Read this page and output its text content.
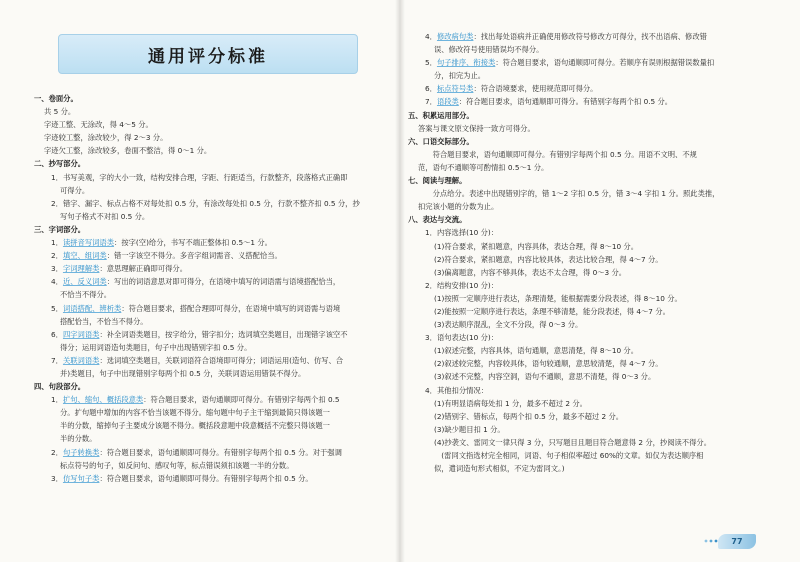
通用评分标准
一、卷面分。
共 5 分。
字迹工整、无涂改，得 4～5 分。
字迹较工整，涂改较少，得 2～3 分。
字迹欠工整，涂改较多，卷面不整洁，得 0～1 分。
二、抄写部分。
1．书写美观，字的大小一致，结构安排合理，字距、行距适当，行款整齐，段落格式正确即
可得分。
2．错字、漏字、标点占格不对每处扣 0.5 分，有涂改每处扣 0.5 分，行款不整齐扣 0.5 分，抄
写句子格式不对扣 0.5 分。
三、字词部分。
1．读拼音写词语类：按字(空)给分，书写不端正整体扣 0.5～1 分。
2．填空、组词类：错一字该空不得分。多音字组词需音、义搭配恰当。
3．字词理解类：意思理解正确即可得分。
4．近、反义词类：写出的词语意思对即可得分，在语境中填写的词语需与语境搭配恰当，
不恰当不得分。
5．词语搭配、辨析类：符合题目要求，搭配合理即可得分，在语境中填写的词语需与语境
搭配恰当，不恰当不得分。
6．四字词语类：补全词语类题目，按字给分，错字扣分；选词填空类题目，出现错字该空不
得分；运用词语造句类题目，句子中出现错别字扣 0.5 分。
7．关联词语类：选词填空类题目，关联词语符合语境即可得分；词语运用(造句、仿写、合
并)类题目，句子中出现错别字每两个扣 0.5 分，关联词语运用错误不得分。
四、句段部分。
1．扩句、缩句、概括段意类：符合题目要求，语句通顺即可得分。有错别字每两个扣 0.5
分。扩句题中增加的内容不恰当该题不得分。缩句题中句子主干缩到最简只得该题一
半的分数，缩掉句子主要成分该题不得分。概括段意题中段意概括不完整只得该题一
半的分数。
2．句子转换类：符合题目要求，语句通顺即可得分。有错别字每两个扣 0.5 分。对于强调
标点符号的句子，如反问句、感叹句等，标点错误须扣该题一半的分数。
3．仿写句子类：符合题目要求，语句通顺即可得分。有错别字每两个扣 0.5 分。
4．修改病句类：找出每处语病并正确使用修改符号修改方可得分，找不出语病、修改错
误、修改符号使用错误均不得分。
5．句子排序、衔接类：符合题目要求，语句通顺即可得分。若顺序有误则根据错误数量扣
分，扣完为止。
6．标点符号类：符合语境要求，使用规范即可得分。
7．语段类：符合题目要求，语句通顺即可得分。有错别字每两个扣 0.5 分。
五、积累运用部分。
答案与课文原文保持一致方可得分。
六、口语交际部分。
　　符合题目要求，语句通顺即可得分。有错别字每两个扣 0.5 分。用语不文明、不规
范，语句不通顺等可酌情扣 0.5～1 分。
七、阅读与理解。
　　分点给分。表述中出现错别字的，错 1～2 字扣 0.5 分，错 3～4 字扣 1 分。照此类推，
扣完该小题的分数为止。
八、表达与交流。
1．内容选择(10 分)：
(1)符合要求，紧扣题意，内容具体，表达合理，得 8～10 分。
(2)符合要求，紧扣题意，内容比较具体，表达比较合理，得 4～7 分。
(3)偏离题意，内容不够具体，表达不太合理，得 0～3 分。
2．结构安排(10 分)：
(1)按照一定顺序进行表达，条理清楚，能根据需要分段表述，得 8～10 分。
(2)能按照一定顺序进行表达，条理不够清楚，能分段表述，得 4～7 分。
(3)表达顺序混乱，全文不分段，得 0～3 分。
3．语句表达(10 分)：
(1)叙述完整，内容具体，语句通顺，意思清楚，得 8～10 分。
(2)叙述较完整，内容较具体，语句较通顺，意思较清楚，得 4～7 分。
(3)叙述不完整，内容空洞，语句不通顺，意思不清楚，得 0～3 分。
4．其他扣分情况：
(1)有明显语病每处扣 1 分，最多不超过 2 分。
(2)错别字、错标点，每两个扣 0.5 分，最多不超过 2 分。
(3)缺少题目扣 1 分。
(4)抄袭文、雷同文一律只得 3 分，只写题目且题目符合题意得 2 分，抄阅读不得分。
　(雷同文指选材完全相同，词语、句子相似率超过 60%的文章。如仅为表达顺序相
似，遣词造句形式相似，不定为雷同文。)
77
